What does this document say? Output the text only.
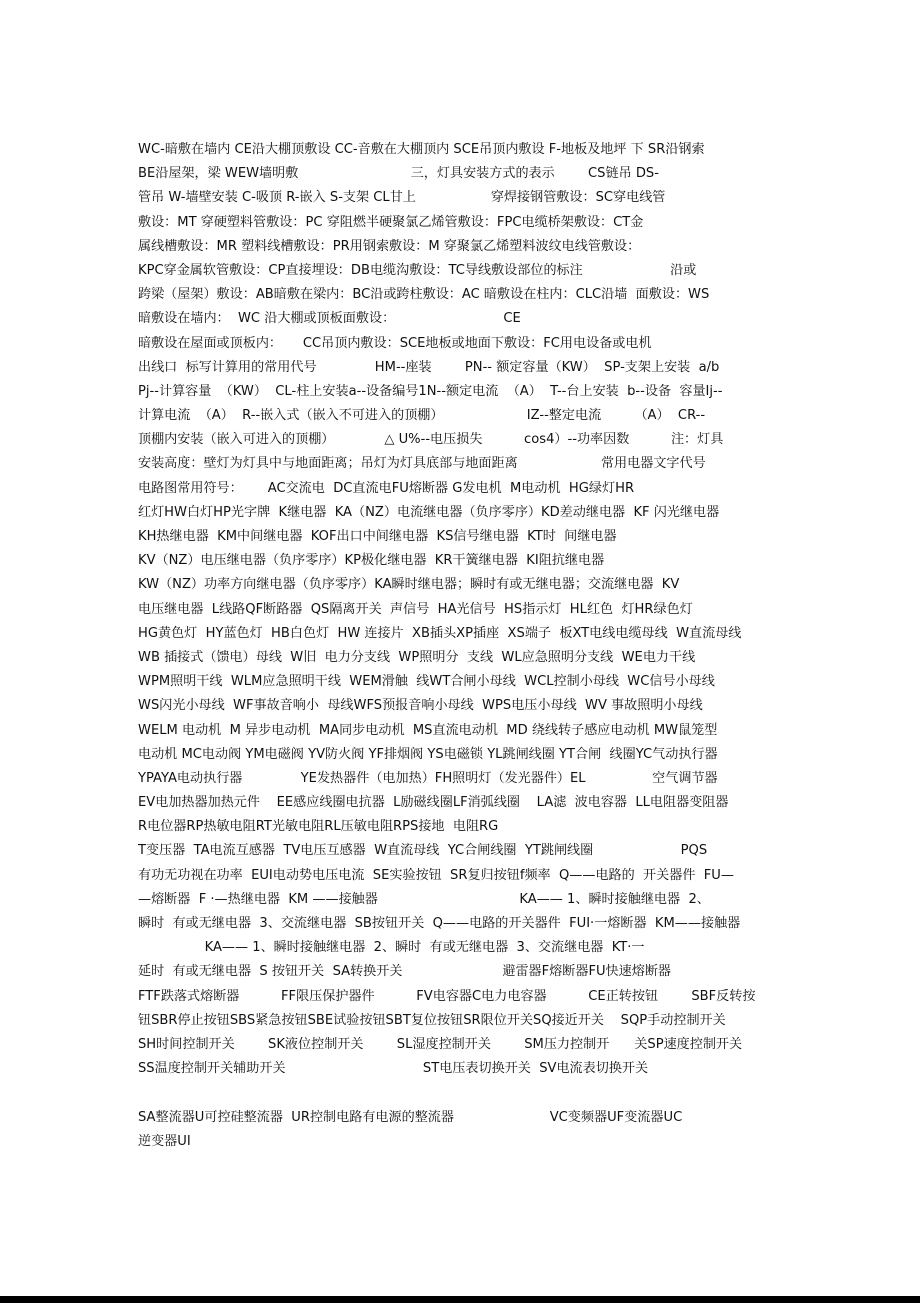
WC-暗敷在墙内 CE沿大棚顶敷设 CC-音敷在大棚顶内 SCE吊顶内敷设 F-地板及地坪 下 SR沿钢索
BE沿屋架，梁 WEW墙明敷                           三，灯具安装方式的表示        CS链吊 DS-
管吊 W-墙壁安装 C-吸顶 R-嵌入 S-支架 CL甘上                  穿焊接钢管敷设：SC穿电线管
敷设：MT 穿硬塑料管敷设：PC 穿阻燃半硬聚氯乙烯管敷设：FPC电缆桥架敷设：CT金
属线槽敷设：MR 塑料线槽敷设：PR用钢索敷设：M 穿聚氯乙烯塑料波纹电线管敷设：
KPC穿金属软管敷设：CP直接埋设：DB电缆沟敷设：TC导线敷设部位的标注                     沿或
跨梁（屋架）敷设：AB暗敷在梁内：BC沿或跨柱敷设：AC 暗敷设在柱内：CLC沿墙  面敷设：WS
暗敷设在墙内：  WC 沿大棚或顶板面敷设：                          CE
暗敷设在屋面或顶板内：     CC吊顶内敷设：SCE地板或地面下敷设：FC用电设备或电机
出线口  标写计算用的常用代号              HM--座装        PN-- 额定容量（KW）  SP-支架上安装  a/b
Pj--计算容量  （KW）  CL-柱上安装a--设备编号1N--额定电流  （A）  T--台上安装  b--设备  容量Ij--
计算电流  （A）  R--嵌入式（嵌入不可进入的顶棚）                    IZ--整定电流        （A）  CR--
顶棚内安装（嵌入可进入的顶棚）            △ U%--电压损失          cos4）--功率因数          注：灯具
安装高度：壁灯为灯具中与地面距离；吊灯为灯具底部与地面距离                    常用电器文字代号
电路图常用符号：      AC交流电  DC直流电FU熔断器 G发电机  M电动机  HG绿灯HR
红灯HW白灯HP光字牌  K继电器  KA（NZ）电流继电器（负序零序）KD差动继电器  KF 闪光继电器
KH热继电器  KM中间继电器  KOF出口中间继电器  KS信号继电器  KT时  间继电器
KV（NZ）电压继电器（负序零序）KP极化继电器  KR干簧继电器  KI阻抗继电器
KW（NZ）功率方向继电器（负序零序）KA瞬时继电器；瞬时有或无继电器；交流继电器  KV
电压继电器  L线路QF断路器  QS隔离开关  声信号  HA光信号  HS指示灯  HL红色  灯HR绿色灯
HG黄色灯  HY蓝色灯  HB白色灯  HW 连接片  XB插头XP插座  XS端子  板XT电线电缆母线  W直流母线
WB 插接式（馈电）母线  W旧  电力分支线  WP照明分  支线  WL应急照明分支线  WE电力干线
WPM照明干线  WLM应急照明干线  WEM滑触  线WT合闸小母线  WCL控制小母线  WC信号小母线
WS闪光小母线  WF事故音响小  母线WFS预报音响小母线  WPS电压小母线  WV 事故照明小母线
WELM 电动机  M 异步电动机  MA同步电动机  MS直流电动机  MD 绕线转子感应电动机 MW鼠笼型
电动机 MC电动阀 YM电磁阀 YV防火阀 YF排烟阀 YS电磁锁 YL跳闸线圈 YT合闸  线圈YC气动执行器
YPAYA电动执行器              YE发热器件（电加热）FH照明灯（发光器件）EL                空气调节器
EV电加热器加热元件    EE感应线圈电抗器  L励磁线圈LF消弧线圈    LA滤  波电容器  LL电阻器变阻器
R电位器RP热敏电阻RT光敏电阻RL压敏电阻RPS接地  电阻RG
T变压器  TA电流互感器  TV电压互感器  W直流母线  YC合闸线圈  YT跳闸线圈                     PQS
有功无功视在功率  EUI电动势电压电流  SE实验按钮  SR复归按钮f频率  Q——电路的  开关器件  FU—
—熔断器  F ·—热继电器  KM ——接触器                                  KA—— 1、瞬时接触继电器  2、
瞬时  有或无继电器  3、交流继电器  SB按钮开关  Q——电路的开关器件  FUI·一熔断器  KM——接触器
KA—— 1、瞬时接触继电器  2、瞬时  有或无继电器  3、交流继电器  KT·一
延时  有或无继电器  S 按钮开关  SA转换开关                        避雷器F熔断器FU快速熔断器
FTF跌落式熔断器          FF限压保护器件          FV电容器C电力电容器          CE正转按钮        SBF反转按
钮SBR停止按钮SBS紧急按钮SBE试验按钮SBT复位按钮SR限位开关SQ接近开关    SQP手动控制开关
SH时间控制开关        SK液位控制开关        SL湿度控制开关        SM压力控制开      关SP速度控制开关
SS温度控制开关辅助开关                                 ST电压表切换开关  SV电流表切换开关
SA整流器U可控硅整流器  UR控制电路有电源的整流器                       VC变频器UF变流器UC
逆变器UI
